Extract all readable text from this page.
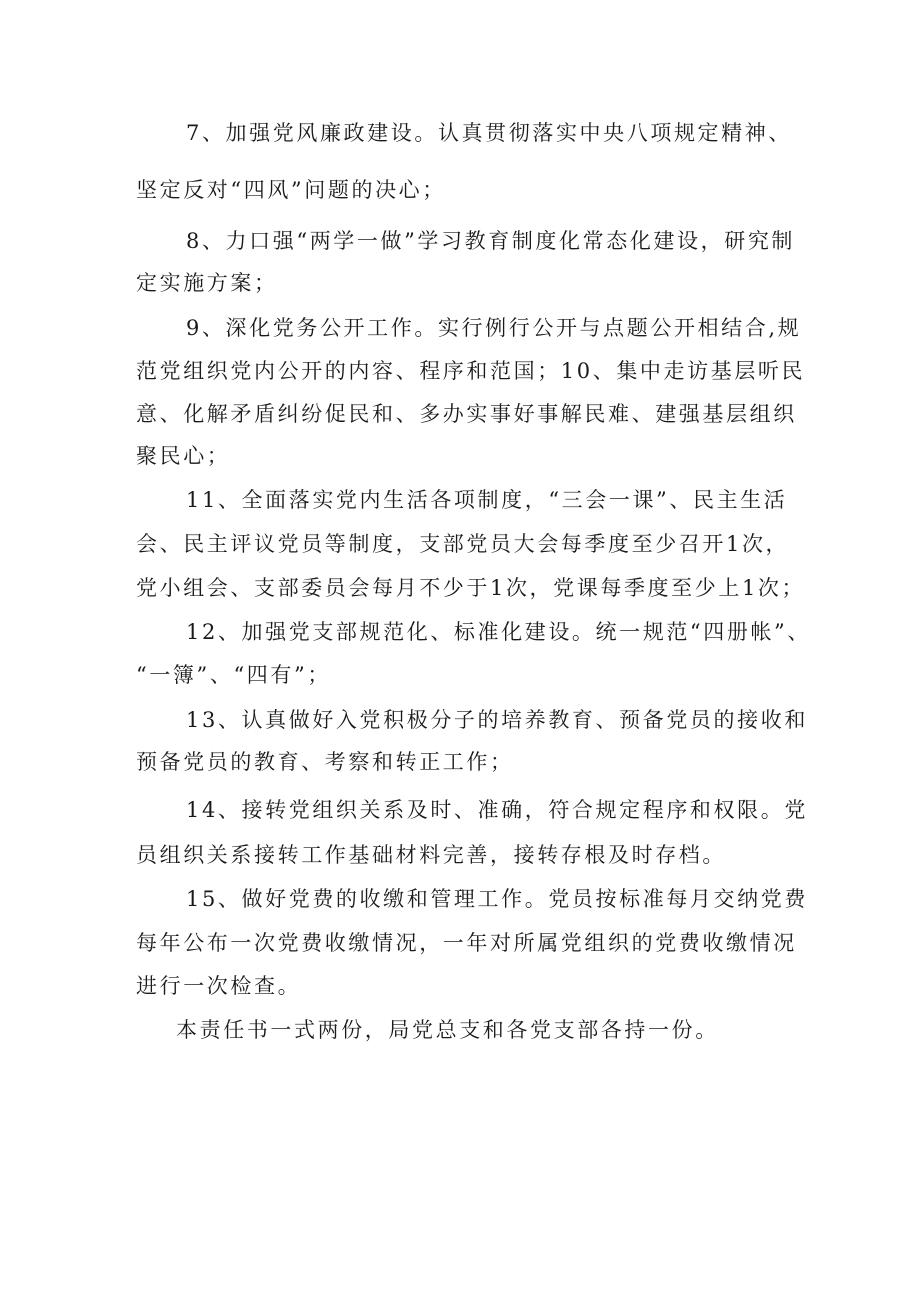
7、加强党风廉政建设。认真贯彻落实中央八项规定精神、
坚定反对“四风”问题的决心；
8、力口强“两学一做”学习教育制度化常态化建设，研究制
定实施方案；
9、深化党务公开工作。实行例行公开与点题公开相结合,规
范党组织党内公开的内容、程序和范国；10、集中走访基层听民
意、化解矛盾纠纷促民和、多办实事好事解民难、建强基层组织
聚民心；
11、全面落实党内生活各项制度，“三会一课”、民主生活
会、民主评议党员等制度，支部党员大会每季度至少召开1次，
党小组会、支部委员会每月不少于1次，党课每季度至少上1次；
12、加强党支部规范化、标准化建设。统一规范“四册帐”、
“一簿”、“四有”；
13、认真做好入党积极分子的培养教育、预备党员的接收和
预备党员的教育、考察和转正工作；
14、接转党组织关系及时、准确，符合规定程序和权限。党
员组织关系接转工作基础材料完善，接转存根及时存档。
15、做好党费的收缴和管理工作。党员按标准每月交纳党费
每年公布一次党费收缴情况，一年对所属党组织的党费收缴情况
进行一次检查。
本责任书一式两份，局党总支和各党支部各持一份。
